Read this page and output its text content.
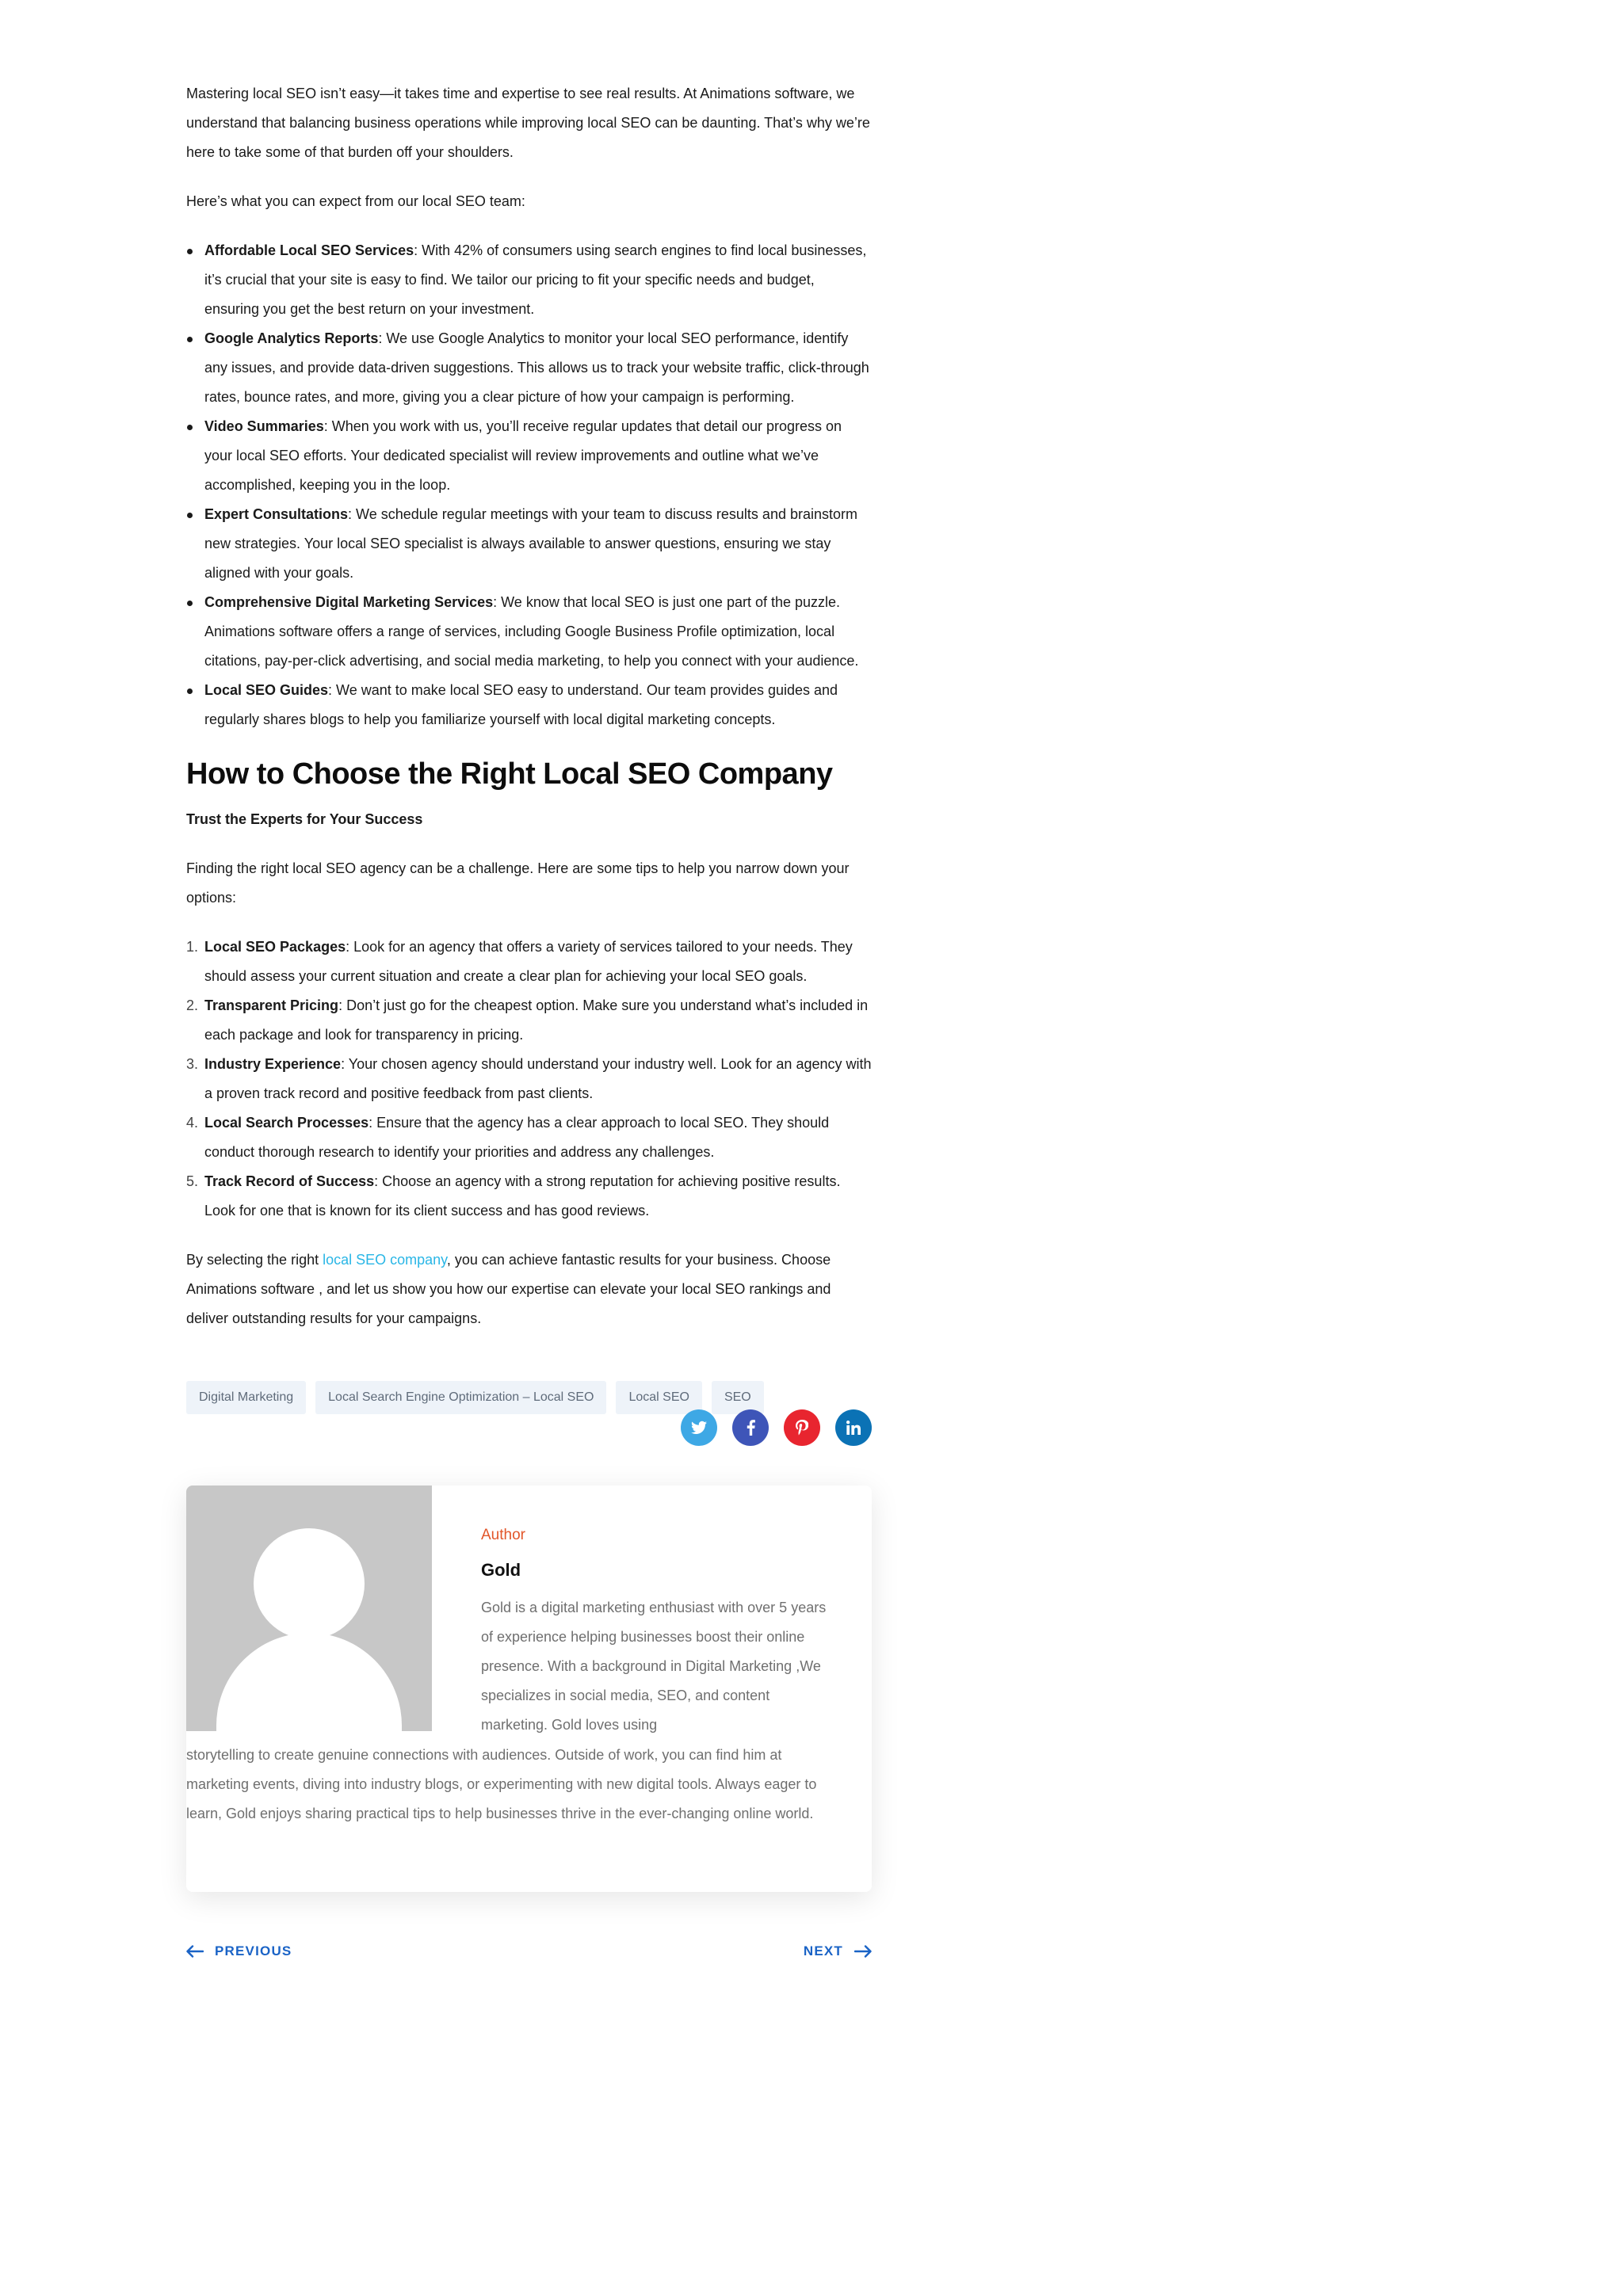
Mastering local SEO isn’t easy—it takes time and expertise to see real results. At Animations software, we understand that balancing business operations while improving local SEO can be daunting. That’s why we’re here to take some of that burden off your shoulders.

Here’s what you can expect from our local SEO team:

Affordable Local SEO Services: With 42% of consumers using search engines to find local businesses, it’s crucial that your site is easy to find. We tailor our pricing to fit your specific needs and budget, ensuring you get the best return on your investment.
Google Analytics Reports: We use Google Analytics to monitor your local SEO performance, identify any issues, and provide data-driven suggestions. This allows us to track your website traffic, click-through rates, bounce rates, and more, giving you a clear picture of how your campaign is performing.
Video Summaries: When you work with us, you’ll receive regular updates that detail our progress on your local SEO efforts. Your dedicated specialist will review improvements and outline what we’ve accomplished, keeping you in the loop.
Expert Consultations: We schedule regular meetings with your team to discuss results and brainstorm new strategies. Your local SEO specialist is always available to answer questions, ensuring we stay aligned with your goals.
Comprehensive Digital Marketing Services: We know that local SEO is just one part of the puzzle. Animations software offers a range of services, including Google Business Profile optimization, local citations, pay-per-click advertising, and social media marketing, to help you connect with your audience.
Local SEO Guides: We want to make local SEO easy to understand. Our team provides guides and regularly shares blogs to help you familiarize yourself with local digital marketing concepts.
How to Choose the Right Local SEO Company
Trust the Experts for Your Success

Finding the right local SEO agency can be a challenge. Here are some tips to help you narrow down your options:

1. Local SEO Packages: Look for an agency that offers a variety of services tailored to your needs. They should assess your current situation and create a clear plan for achieving your local SEO goals.
2. Transparent Pricing: Don’t just go for the cheapest option. Make sure you understand what’s included in each package and look for transparency in pricing.
3. Industry Experience: Your chosen agency should understand your industry well. Look for an agency with a proven track record and positive feedback from past clients.
4. Local Search Processes: Ensure that the agency has a clear approach to local SEO. They should conduct thorough research to identify your priorities and address any challenges.
5. Track Record of Success: Choose an agency with a strong reputation for achieving positive results. Look for one that is known for its client success and has good reviews.

By selecting the right local SEO company, you can achieve fantastic results for your business. Choose Animations software , and let us show you how our expertise can elevate your local SEO rankings and deliver outstanding results for your campaigns.

Digital Marketing	Local Search Engine Optimization – Local SEO	Local SEO	SEO
Author
Gold

Gold is a digital marketing enthusiast with over 5 years of experience helping businesses boost their online presence. With a background in Digital Marketing ,We specializes in social media, SEO, and content marketing. Gold loves using

storytelling to create genuine connections with audiences. Outside of work, you can find him at marketing events, diving into industry blogs, or experimenting with new digital tools. Always eager to learn, Gold enjoys sharing practical tips to help businesses thrive in the ever-changing online world.

PREVIOUS	NEXT
